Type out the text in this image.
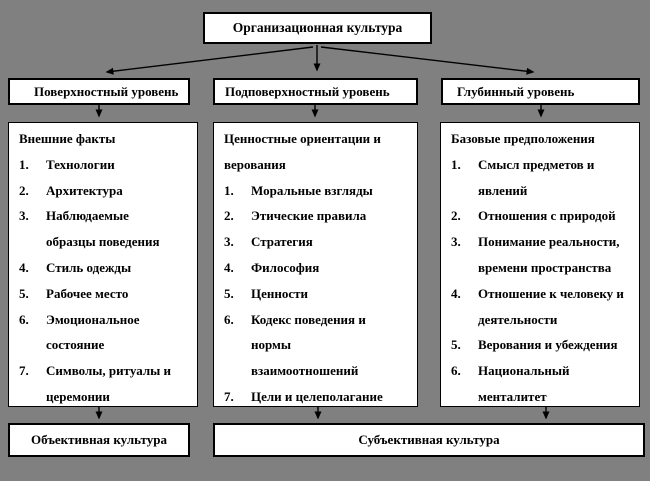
Организационная культура
Поверхностный уровень	Подповерхностный уровень	Глубинный уровень
Внешние факты
1.	Технологии
2.	Архитектура
3.	Наблюдаемые
образцы поведения
4.	Стиль одежды
5.	Рабочее место
6.	Эмоциональное
состояние
7.	Символы, ритуалы и
церемонии
Ценностные ориентации и
верования
1.	Моральные взгляды
2.	Этические правила
3.	Стратегия
4.	Философия
5.	Ценности
6.	Кодекс поведения и
нормы
взаимоотношений
7.	Цели и целеполагание
Базовые предположения
1.	Смысл предметов и
явлений
2.	Отношения с природой
3.	Понимание реальности,
времени пространства
4.	Отношение к человеку и
деятельности
5.	Верования и убеждения
6.	Национальный
менталитет
Объективная культура	Субъективная культура
